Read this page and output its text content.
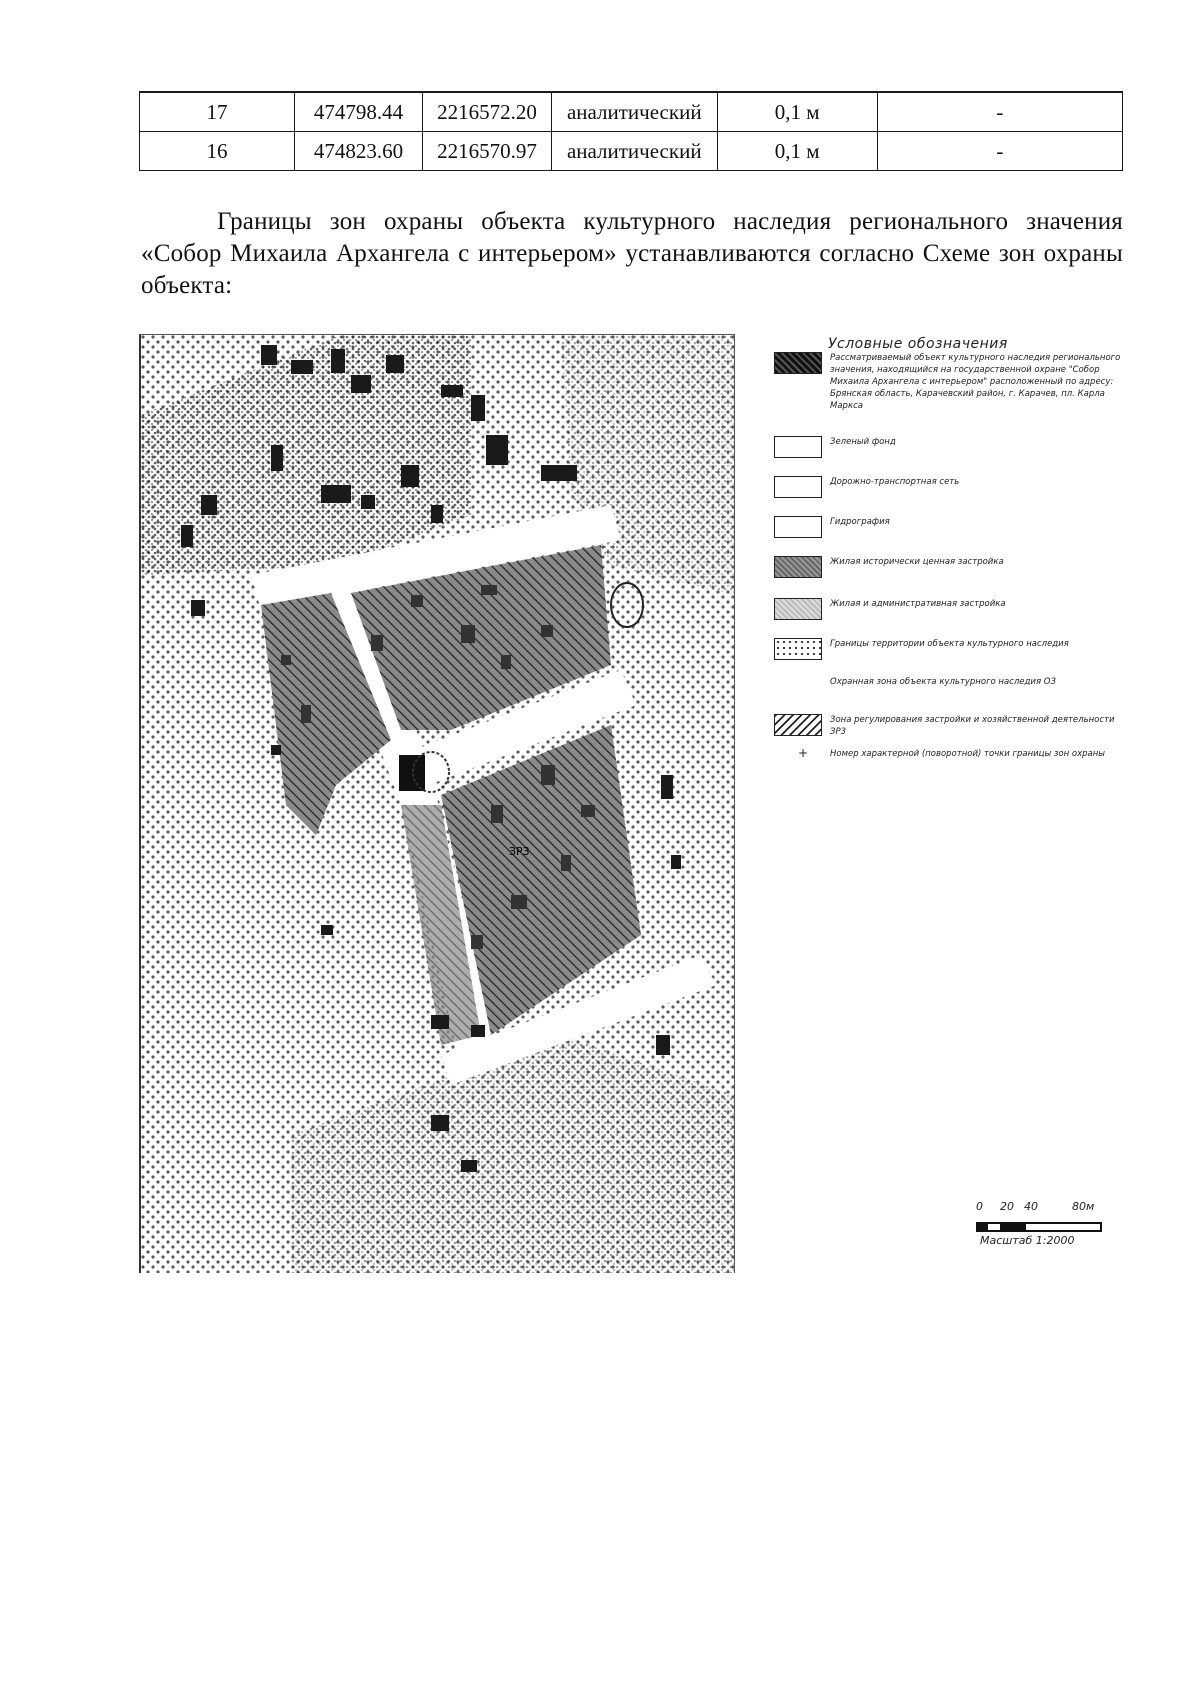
17	474798.44	2216572.20	аналитический	0,1 м	-
16	474823.60	2216570.97	аналитический	0,1 м	-

Границы зон охраны объекта культурного наследия регионального значения «Собор Михаила Архангела с интерьером» устанавливаются согласно Схеме зон охраны объекта:

ЗР3
Условные обозначения
Рассматриваемый объект культурного наследия регионального значения, находящийся на государственной охране "Собор Михаила Архангела с интерьером" расположенный по адресу: Брянская область, Карачевский район, г. Карачев, пл. Карла Маркса
Зеленый фонд
Дорожно-транспортная сеть
Гидрография
Жилая исторически ценная застройка
Жилая и административная застройка
Границы территории объекта культурного наследия
Охранная зона объекта культурного наследия ОЗ
Зона регулирования застройки и хозяйственной деятельности ЗР3
+	Номер характерной (поворотной) точки границы зон охраны
0 20 40	80м
Масштаб 1:2000
